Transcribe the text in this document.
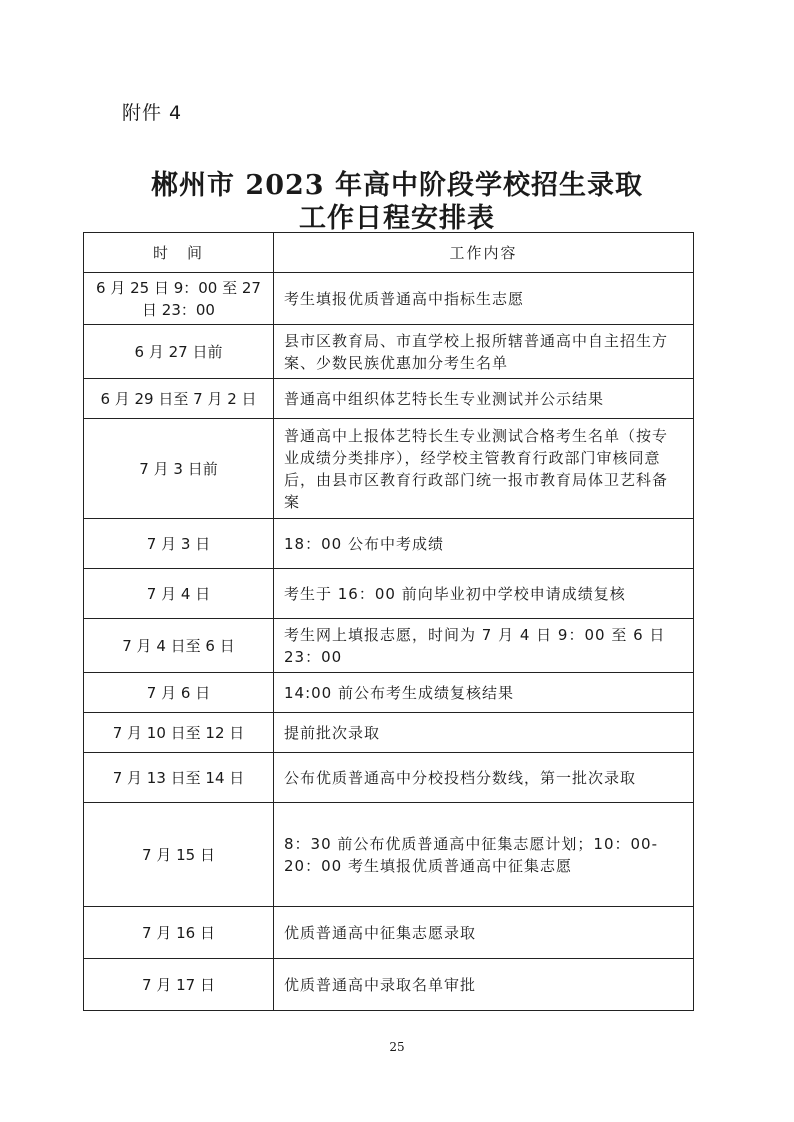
附件 4
郴州市 2023 年高中阶段学校招生录取
工作日程安排表
时　间	工作内容
6 月 25 日 9：00 至 27 日 23：00	考生填报优质普通高中指标生志愿
6 月 27 日前	县市区教育局、市直学校上报所辖普通高中自主招生方案、少数民族优惠加分考生名单
6 月 29 日至 7 月 2 日	普通高中组织体艺特长生专业测试并公示结果
7 月 3 日前	普通高中上报体艺特长生专业测试合格考生名单（按专业成绩分类排序），经学校主管教育行政部门审核同意后，由县市区教育行政部门统一报市教育局体卫艺科备案
7 月 3 日	18：00 公布中考成绩
7 月 4 日	考生于 16：00 前向毕业初中学校申请成绩复核
7 月 4 日至 6 日	考生网上填报志愿，时间为 7 月 4 日 9：00 至 6 日 23：00
7 月 6 日	14:00 前公布考生成绩复核结果
7 月 10 日至 12 日	提前批次录取
7 月 13 日至 14 日	公布优质普通高中分校投档分数线，第一批次录取
7 月 15 日	8：30 前公布优质普通高中征集志愿计划；10：00-20：00 考生填报优质普通高中征集志愿
7 月 16 日	优质普通高中征集志愿录取
7 月 17 日	优质普通高中录取名单审批
25
